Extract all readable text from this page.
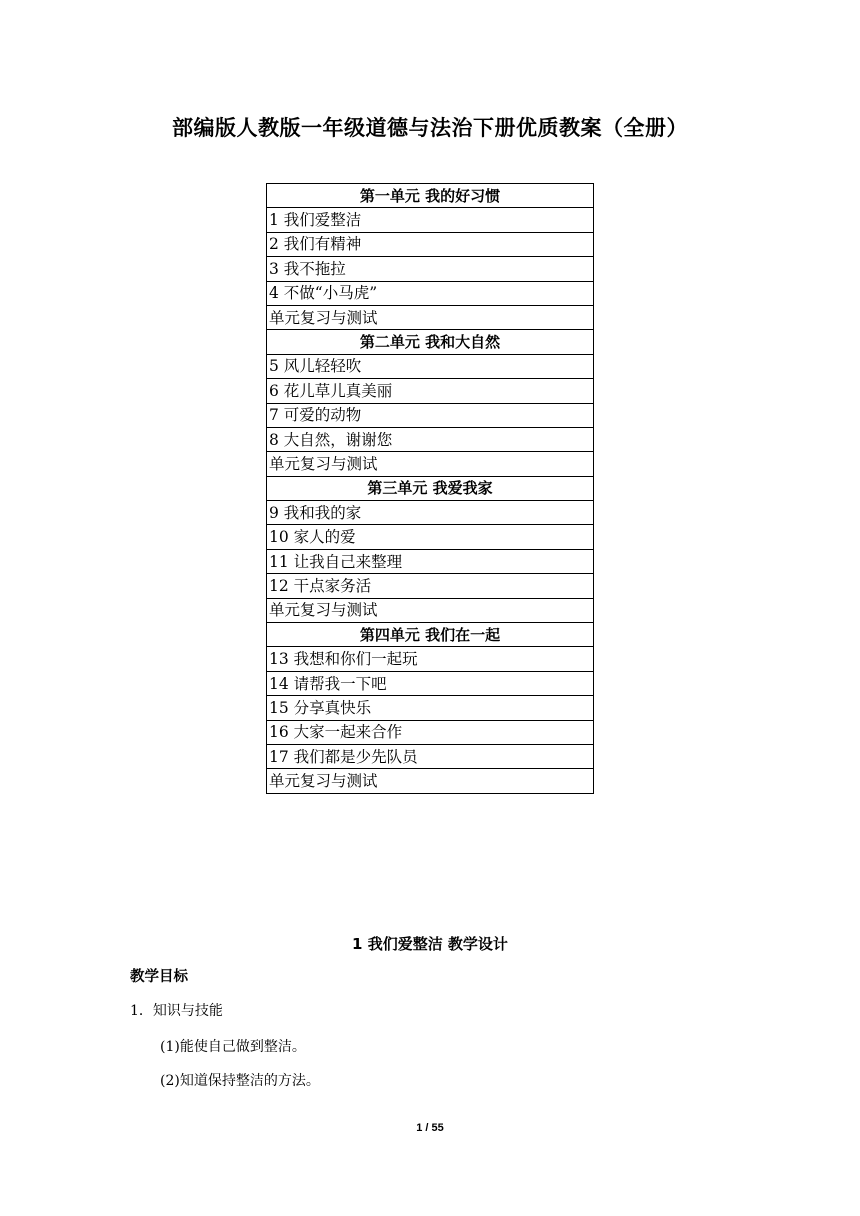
部编版人教版一年级道德与法治下册优质教案（全册）
第一单元 我的好习惯
1 我们爱整洁
2 我们有精神
3 我不拖拉
4 不做“小马虎”
单元复习与测试
第二单元 我和大自然
5 风儿轻轻吹
6 花儿草儿真美丽
7 可爱的动物
8 大自然，谢谢您
单元复习与测试
第三单元 我爱我家
9 我和我的家
10 家人的爱
11 让我自己来整理
12 干点家务活
单元复习与测试
第四单元 我们在一起
13 我想和你们一起玩
14 请帮我一下吧
15 分享真快乐
16 大家一起来合作
17 我们都是少先队员
单元复习与测试
1 我们爱整洁 教学设计
教学目标
1．知识与技能
(1)能使自己做到整洁。
(2)知道保持整洁的方法。
1 / 55
